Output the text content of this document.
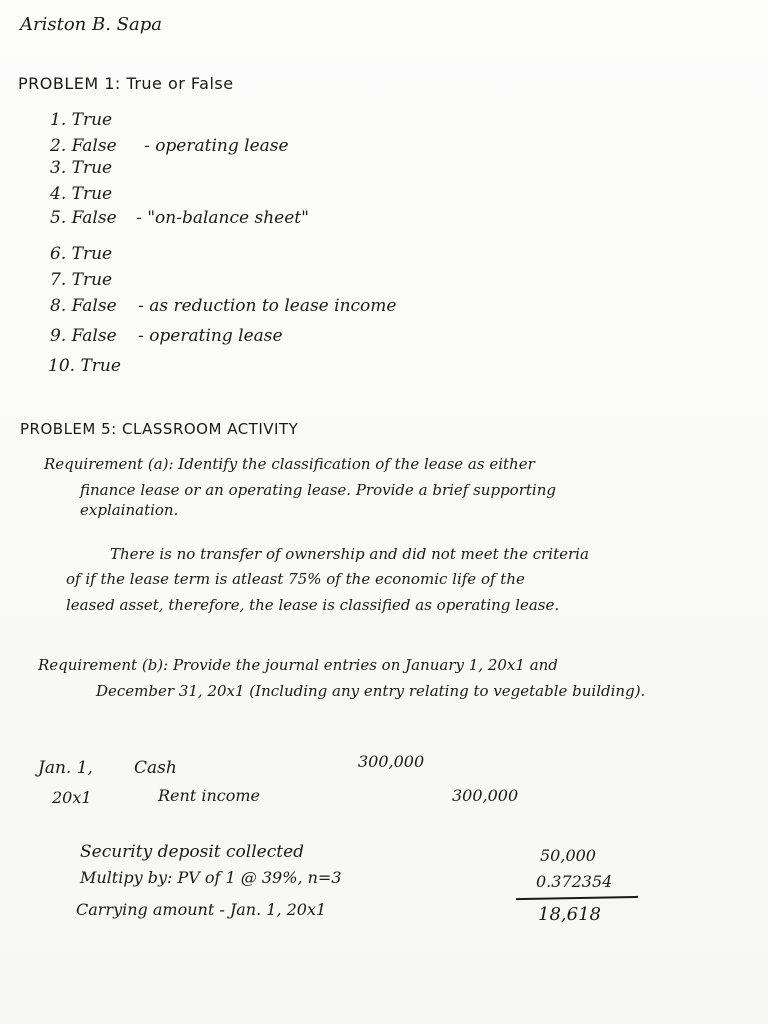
Ariston B. Sapa
PROBLEM 1: True or False
1. True
2. False - operating lease
3. True
4. True
5. False - "on-balance sheet"
6. True
7. True
8. False - as reduction to lease income
9. False - operating lease
10. True
PROBLEM 5: CLASSROOM ACTIVITY
Requirement (a): Identify the classification of the lease as either
finance lease or an operating lease. Provide a brief supporting
explaination.
There is no transfer of ownership and did not meet the criteria
of if the lease term is atleast 75% of the economic life of the
leased asset, therefore, the lease is classified as operating lease.
Requirement (b): Provide the journal entries on January 1, 20x1 and
December 31, 20x1 (Including any entry relating to vegetable building).
Jan. 1,
20x1
Cash	300,000
Rent income	300,000
Security deposit collected	50,000
Multipy by: PV of 1 @ 39%, n=3	0.372354
Carrying amount - Jan. 1, 20x1	18,618
